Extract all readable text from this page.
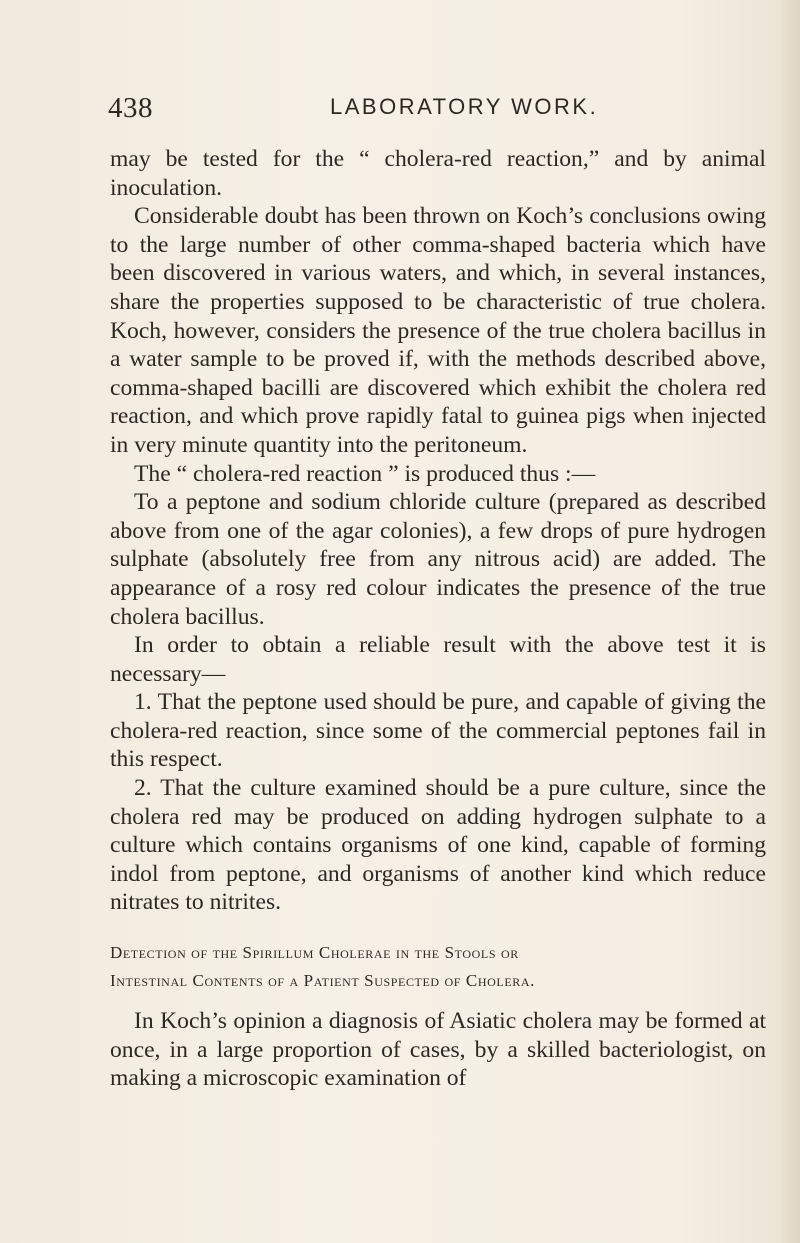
438	LABORATORY WORK.

may be tested for the “ cholera-red reaction,” and by animal inoculation.

Considerable doubt has been thrown on Koch’s conclusions owing to the large number of other comma-shaped bacteria which have been discovered in various waters, and which, in several instances, share the properties supposed to be characteristic of true cholera. Koch, however, considers the presence of the true cholera bacillus in a water sample to be proved if, with the methods described above, comma-shaped bacilli are discovered which exhibit the cholera red reaction, and which prove rapidly fatal to guinea pigs when injected in very minute quantity into the peritoneum.

The “ cholera-red reaction ” is produced thus :—

To a peptone and sodium chloride culture (prepared as described above from one of the agar colonies), a few drops of pure hydrogen sulphate (absolutely free from any nitrous acid) are added. The appearance of a rosy red colour indicates the presence of the true cholera bacillus.

In order to obtain a reliable result with the above test it is necessary—

1. That the peptone used should be pure, and capable of giving the cholera-red reaction, since some of the commercial peptones fail in this respect.

2. That the culture examined should be a pure culture, since the cholera red may be produced on adding hydrogen sulphate to a culture which contains organisms of one kind, capable of forming indol from peptone, and organisms of another kind which reduce nitrates to nitrites.

Detection of the Spirillum Cholerae in the Stools or
Intestinal Contents of a Patient Suspected of Cholera.

In Koch’s opinion a diagnosis of Asiatic cholera may be formed at once, in a large proportion of cases, by a skilled bacteriologist, on making a microscopic examination of
